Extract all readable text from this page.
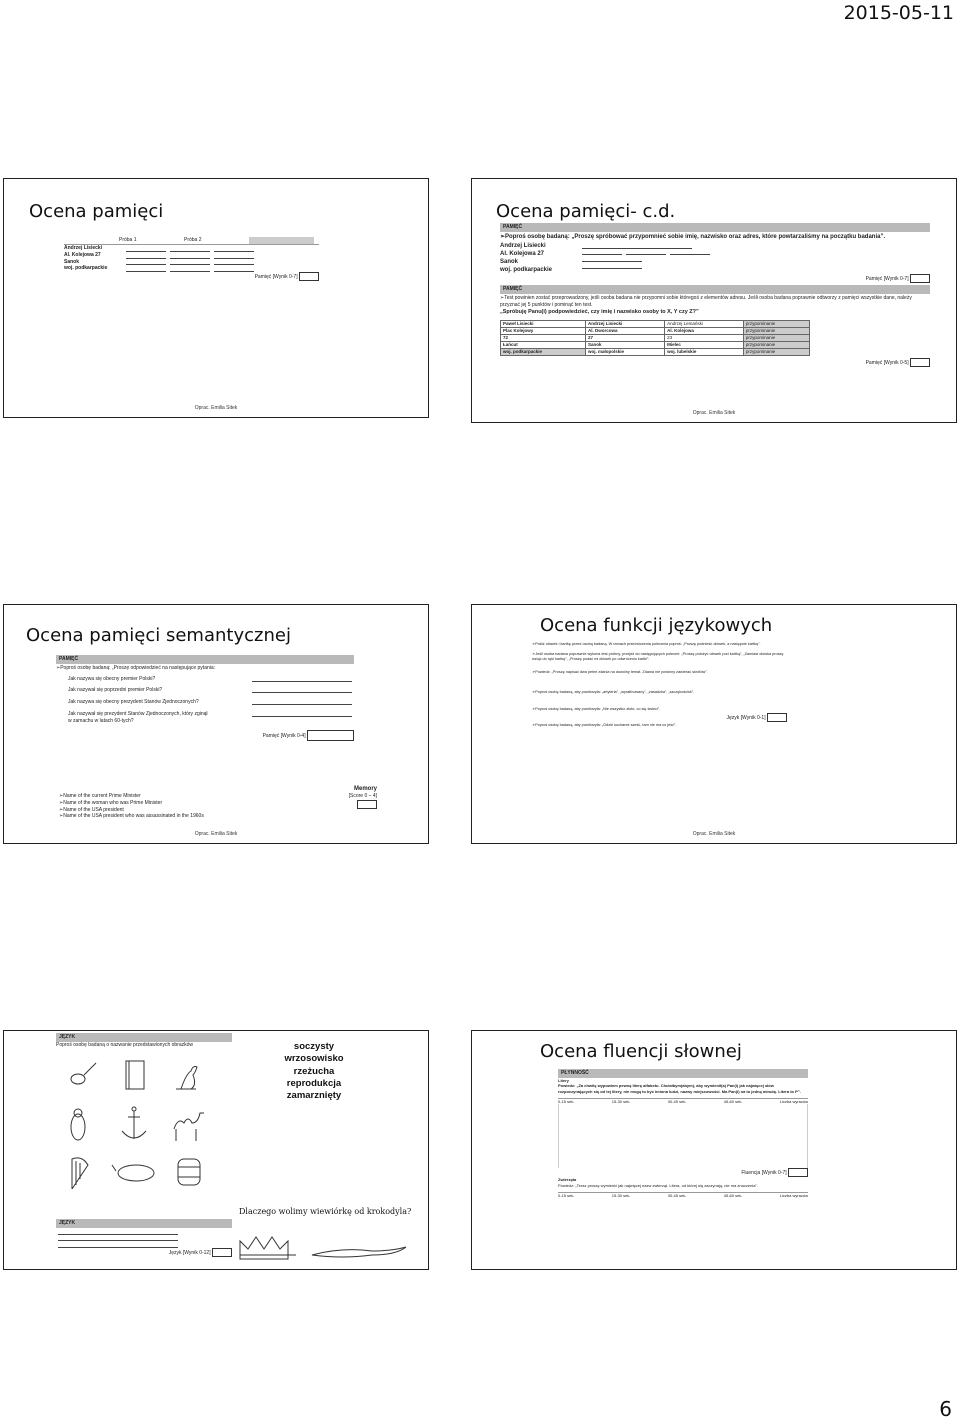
2015-05-11
Ocena pamięci
Próba 1	Próba 2
Andrzej Lisiecki
Al. Kolejowa 27
Sanok
woj. podkarpackie
Pamięć [Wynik 0-7]
Oprac. Emilia Sitek
Ocena pamięci- c.d.
PAMIĘĆ
➢ Poproś osobę badaną: „Proszę spróbować przypomnieć sobie imię, nazwisko oraz adres, które powtarzaliśmy na początku badania”.
Andrzej Lisiecki
Al. Kolejowa 27
Sanok
woj. podkarpackie
Pamięć [Wynik 0-7]
PAMIĘĆ
➢ Test powinien zostać przeprowadzony, jeśli osoba badana nie przypomni sobie któregoś z elementów adresu. Jeśli osoba badana poprawnie odtworzy z pamięci wszystkie dane, należy przyznać jej 5 punktów i pominąć ten test.
„Spróbuję Panu(i) podpowiedzieć, czy imię i nazwisko osoby to X, Y czy Z?”
Paweł Lisiecki	Andrzej Lisiecki	Andrzej Lemański	przypominanie
Plac Kolejowy	Al. Dworcowa	Al. Kolejowa	przypominanie
72	27	23	przypominanie
Łańcut	Sanok	Mielec	przypominanie
woj. podkarpackie	woj. małopolskie	woj. lubelskie	przypominanie
Pamięć [Wynik 0-5]
Oprac. Emilia Sitek
Ocena pamięci semantycznej
PAMIĘĆ
➢ Poproś osobę badaną: „Proszę odpowiedzieć na następujące pytania:
Jak nazywa się obecny premier Polski?
Jak nazywał się poprzedni premier Polski?
Jak nazywa się obecny prezydent Stanów Zjednoczonych?
Jak nazywał się prezydent Stanów Zjednoczonych, który zginął w zamachu w latach 60-tych?
Pamięć [Wynik 0-4]
➢ Name of the current Prime Minister
➢ Name of the woman who was Prime Minister
➢ Name of the USA president
➢ Name of the USA president who was assassinated in the 1960s
Memory
[Score 0 – 4]
Oprac. Emilia Sitek
Ocena funkcji językowych
➢ Połóż ołówek i kartkę przed osobą badaną. W ramach przećwiczenia polecenia poproś: „Proszę podnieść ołówek, a następnie kartkę”.
➢ Jeśli osoba badana poprawnie wykona test próbny, przejdź do następujących poleceń: „Proszę położyć ołówek pod kartką”, „Zamiast ołówka proszę wziąć do ręki kartkę”, „Proszę podać mi ołówek po odwróceniu kartki”.
➢ Powiedz: „Proszę napisać dwa pełne zdania na dowolny temat. Zdania nie powinny zawierać skrótów”.
➢ Poproś osobę badaną, aby powtórzyła: „artyleria”, „wyrafinowany”, „zasadzka”, „szczękościsk”.
➢ Poproś osobę badaną, aby powtórzyła: „Nie wszystko złoto, co się świeci”.
Język [Wynik 0-1]
➢ Poproś osobę badaną, aby powtórzyła: „Gdzie kucharek sześć, tam nie ma co jeść”.
Oprac. Emilia Sitek
JĘZYK
Poproś osobę badaną o nazwanie przedstawionych obrazków	soczysty
wrzosowisko
rzeżucha
reprodukcja
zamarznięty
Dlaczego wolimy wiewiórkę od krokodyla?
JĘZYK
Język [Wynik 0-12]
Ocena fluencji słownej
PŁYNNOŚĆ
Litery
Powiedz: „Za chwilę wypowiem pewną literę alfabetu. Chciałbym(abym), aby wymienił(a) Pan(i) jak najwięcej słów rozpoczynających się od tej litery, nie mogą to być imiona ludzi, nazwy miejscowości. Ma Pan(i) na to jedną minutę. Litera to P”.
0-15 sek.	15-30 sek.	30-45 sek.	45-60 sek.	Liczba wyrazów
Fluencja [Wynik 0-7]
Zwierzęta
Powiedz: „Teraz proszę wymienić jak najwięcej nazw zwierząt. Litera, od której się zaczynają, nie ma znaczenia”.
0-15 sek.	15-30 sek.	30-45 sek.	45-60 sek.	Liczba wyrazów
6
